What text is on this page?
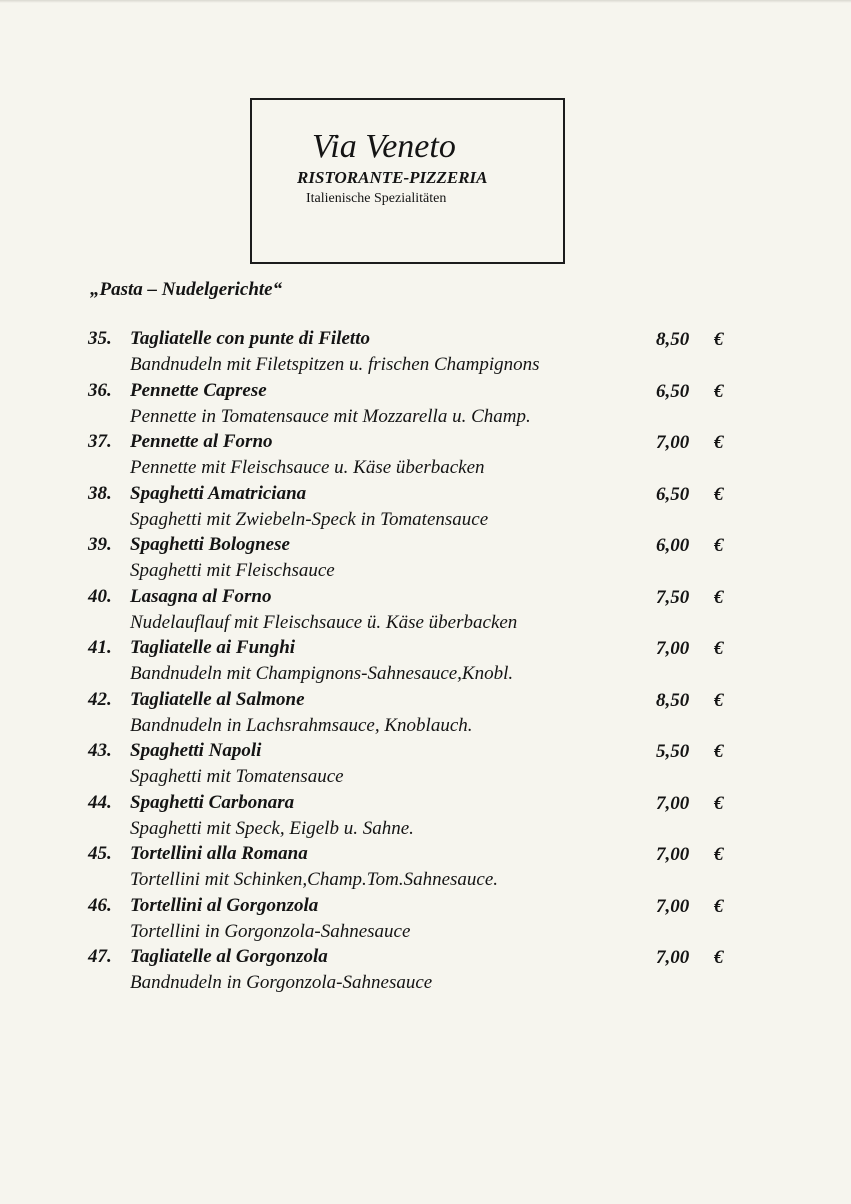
Via Veneto
RISTORANTE-PIZZERIA
Italienische Spezialitäten
„Pasta – Nudelgerichte“
35. Tagliatelle con punte di Filetto
Bandnudeln mit Filetspitzen u. frischen Champignons
8,50 €
36. Pennette Caprese
Pennette in Tomatensauce mit Mozzarella u. Champ.
6,50 €
37. Pennette al Forno
Pennette mit Fleischsauce u. Käse überbacken
7,00 €
38. Spaghetti Amatriciana
Spaghetti mit Zwiebeln-Speck in Tomatensauce
6,50 €
39. Spaghetti Bolognese
Spaghetti mit Fleischsauce
6,00 €
40. Lasagna al Forno
Nudelauflauf mit Fleischsauce ü. Käse überbacken
7,50 €
41. Tagliatelle ai Funghi
Bandnudeln mit Champignons-Sahnesauce,Knobl.
7,00 €
42. Tagliatelle al Salmone
Bandnudeln in Lachsrahmsauce, Knoblauch.
8,50 €
43. Spaghetti Napoli
Spaghetti mit Tomatensauce
5,50 €
44. Spaghetti Carbonara
Spaghetti mit Speck, Eigelb u. Sahne.
7,00 €
45. Tortellini alla Romana
Tortellini mit Schinken,Champ.Tom.Sahnesauce.
7,00 €
46. Tortellini al Gorgonzola
Tortellini in Gorgonzola-Sahnesauce
7,00 €
47. Tagliatelle al Gorgonzola
Bandnudeln in Gorgonzola-Sahnesauce
7,00 €
